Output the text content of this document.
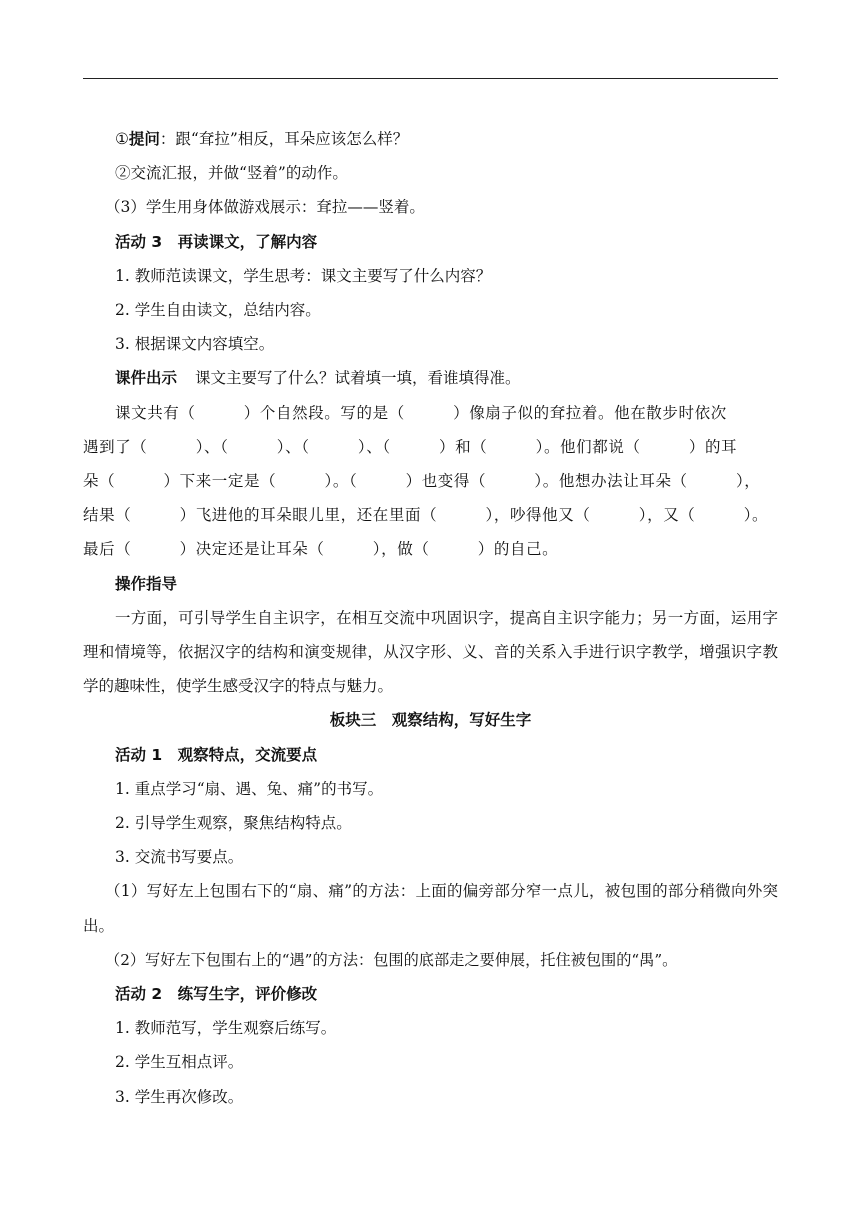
①提问：跟“耷拉”相反，耳朵应该怎么样？
②交流汇报，并做“竖着”的动作。
（3）学生用身体做游戏展示：耷拉——竖着。
活动 3　再读课文，了解内容
1. 教师范读课文，学生思考：课文主要写了什么内容？
2. 学生自由读文，总结内容。
3. 根据课文内容填空。
课件出示 课文主要写了什么？试着填一填，看谁填得准。
课文共有（　　　）个自然段。写的是（　　　）像扇子似的耷拉着。他在散步时依次
遇到了（　　　）、（　　　）、（　　　）、（　　　）和（　　　）。他们都说（　　　）的耳
朵（　　　）下来一定是（　　　）。（　　　）也变得（　　　）。他想办法让耳朵（　　　），
结果（　　　）飞进他的耳朵眼儿里，还在里面（　　　），吵得他又（　　　），又（　　　）。
最后（　　　）决定还是让耳朵（　　　），做（　　　）的自己。
操作指导
一方面，可引导学生自主识字，在相互交流中巩固识字，提高自主识字能力；另一方面，运用字理和情境等，依据汉字的结构和演变规律，从汉字形、义、音的关系入手进行识字教学，增强识字教学的趣味性，使学生感受汉字的特点与魅力。
板块三　观察结构，写好生字
活动 1　观察特点，交流要点
1. 重点学习“扇、遇、兔、痛”的书写。
2. 引导学生观察，聚焦结构特点。
3. 交流书写要点。
（1）写好左上包围右下的“扇、痛”的方法：上面的偏旁部分窄一点儿，被包围的部分稍微向外突出。
（2）写好左下包围右上的“遇”的方法：包围的底部走之要伸展，托住被包围的“禺”。
活动 2　练写生字，评价修改
1. 教师范写，学生观察后练写。
2. 学生互相点评。
3. 学生再次修改。
